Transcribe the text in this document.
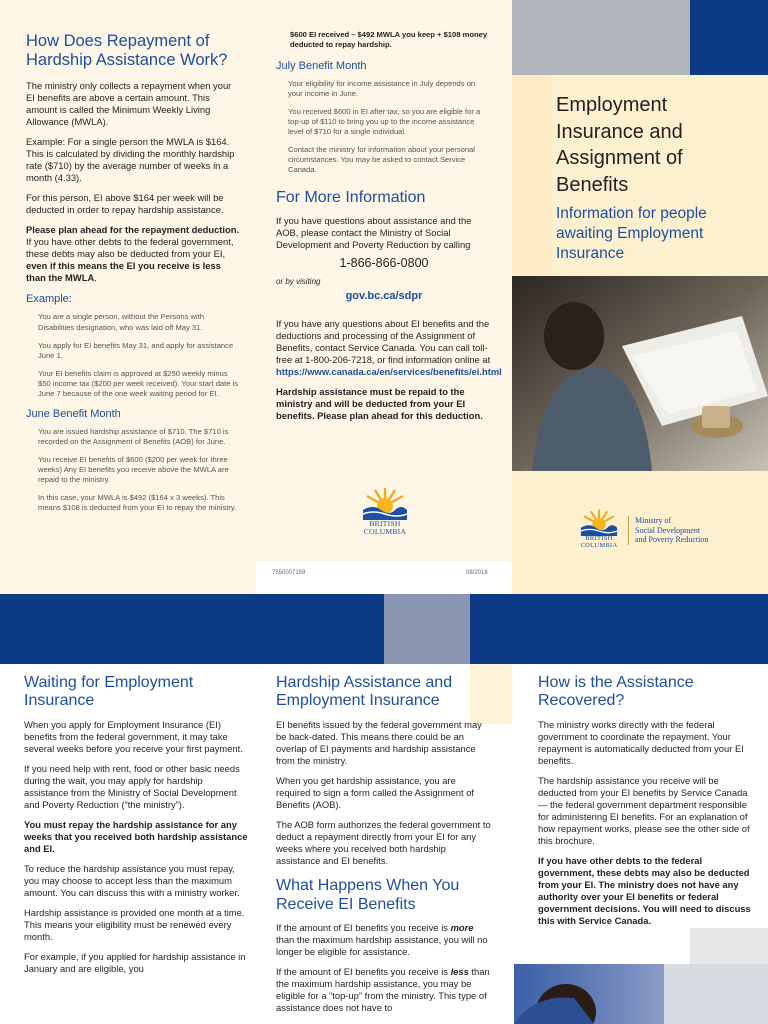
How Does Repayment of Hardship Assistance Work?

The ministry only collects a repayment when your EI benefits are above a certain amount. This amount is called the Minimum Weekly Living Allowance (MWLA).

Example: For a single person the MWLA is $164. This is calculated by dividing the monthly hardship rate ($710) by the average number of weeks in a month (4.33).

For this person, EI above $164 per week will be deducted in order to repay hardship assistance.

Please plan ahead for the repayment deduction. If you have other debts to the federal government, these debts may also be deducted from your EI, even if this means the EI you receive is less than the MWLA.

Example:

You are a single person, without the Persons with Disabilities designation, who was laid off May 31.

You apply for EI benefits May 31, and apply for assistance June 1.

Your EI benefits claim is approved at $250 weekly minus $50 income tax ($200 per week received). Your start date is June 7 because of the one week waiting period for EI.

June Benefit Month

You are issued hardship assistance of $710. The $710 is recorded on the Assignment of Benefits (AOB) for June.

You receive EI benefits of $600 ($200 per week for three weeks) Any EI benefits you receive above the MWLA are repaid to the ministry.

In this case, your MWLA is $492 ($164 x 3 weeks). This means $108 is deducted from your EI to repay the ministry.

$600 EI received – $492 MWLA you keep + $108 money deducted to repay hardship.

July Benefit Month

Your eligibility for income assistance in July depends on your income in June.

You received $600 in EI after tax, so you are eligible for a top-up of $110 to bring you up to the income assistance level of $710 for a single individual.

Contact the ministry for information about your personal circumstances. You may be asked to contact Service Canada.

For More Information

If you have questions about assistance and the AOB, please contact the Ministry of Social Development and Poverty Reduction by calling

1-866-866-0800
or by visiting
gov.bc.ca/sdpr

If you have any questions about EI benefits and the deductions and processing of the Assignment of Benefits, contact Service Canada. You can call toll-free at 1-800-206-7218, or find information online at https://www.canada.ca/en/services/benefits/ei.html

Hardship assistance must be repaid to the ministry and will be deducted from your EI benefits. Please plan ahead for this deduction.

BRITISH
COLUMBIA
7550007159	08/2018
Employment Insurance and Assignment of Benefits
Information for people awaiting Employment Insurance
BRITISH
COLUMBIA
Ministry of
Social Development
and Poverty Reduction
Waiting for Employment Insurance

When you apply for Employment Insurance (EI) benefits from the federal government, it may take several weeks before you receive your first payment.

If you need help with rent, food or other basic needs during the wait, you may apply for hardship assistance from the Ministry of Social Development and Poverty Reduction (“the ministry”).

You must repay the hardship assistance for any weeks that you received both hardship assistance and EI.

To reduce the hardship assistance you must repay, you may choose to accept less than the maximum amount. You can discuss this with a ministry worker.

Hardship assistance is provided one month at a time. This means your eligibility must be renewed every month.

For example, if you applied for hardship assistance in January and are eligible, you

Hardship Assistance and Employment Insurance

EI benefits issued by the federal government may be back-dated. This means there could be an overlap of EI payments and hardship assistance from the ministry.

When you get hardship assistance, you are required to sign a form called the Assignment of Benefits (AOB).

The AOB form authorizes the federal government to deduct a repayment directly from your EI for any weeks where you received both hardship assistance and EI benefits.

What Happens When You Receive EI Benefits

If the amount of EI benefits you receive is more than the maximum hardship assistance, you will no longer be eligible for assistance.

If the amount of EI benefits you receive is less than the maximum hardship assistance, you may be eligible for a “top-up” from the ministry. This type of assistance does not have to

How is the Assistance Recovered?

The ministry works directly with the federal government to coordinate the repayment. Your repayment is automatically deducted from your EI benefits.

The hardship assistance you receive will be deducted from your EI benefits by Service Canada — the federal government department responsible for administering EI benefits. For an explanation of how repayment works, please see the other side of this brochure.

If you have other debts to the federal government, these debts may also be deducted from your EI. The ministry does not have any authority over your EI benefits or federal government decisions. You will need to discuss this with Service Canada.
